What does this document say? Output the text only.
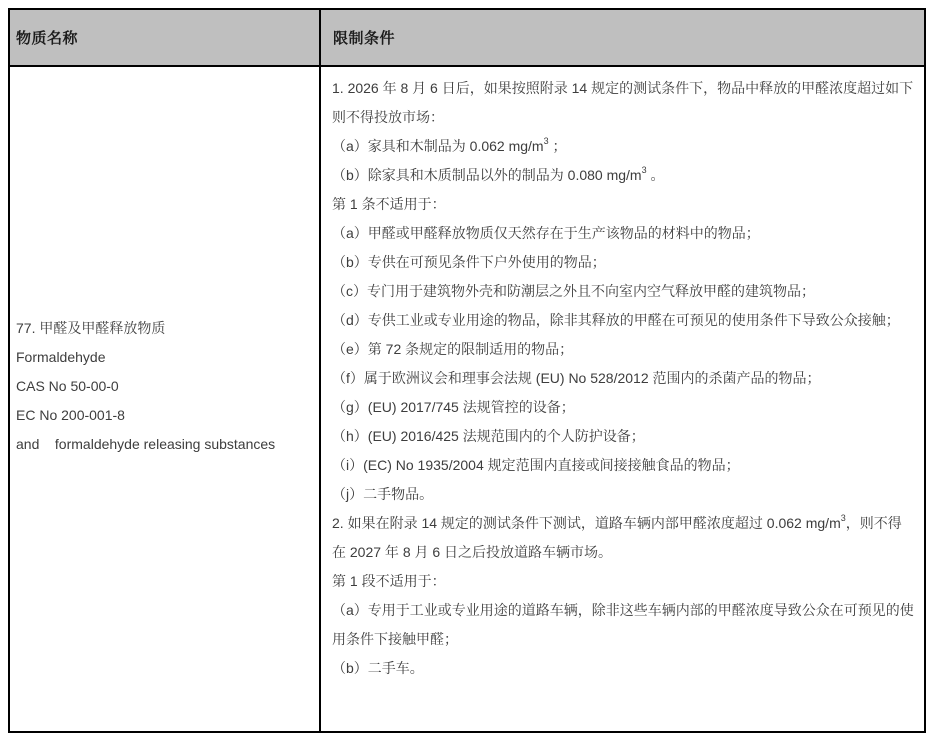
物质名称	限制条件
77. 甲醛及甲醛释放物质
Formaldehyde
CAS No 50-00-0
EC No 200-001-8
and    formaldehyde releasing substances
1. 2026 年 8 月 6 日后，如果按照附录 14 规定的测试条件下，物品中释放的甲醛浓度超过如下
则不得投放市场：
（a）家具和木制品为 0.062 $mg/m^3$ ；
（b）除家具和木质制品以外的制品为 0.080 $mg/m^3$ 。
第 1 条不适用于：
（a）甲醛或甲醛释放物质仅天然存在于生产该物品的材料中的物品；
（b）专供在可预见条件下户外使用的物品；
（c）专门用于建筑物外壳和防潮层之外且不向室内空气释放甲醛的建筑物品；
（d）专供工业或专业用途的物品，除非其释放的甲醛在可预见的使用条件下导致公众接触；
（e）第 72 条规定的限制适用的物品；
（f）属于欧洲议会和理事会法规 (EU) No 528/2012 范围内的杀菌产品的物品；
（g）(EU) 2017/745 法规管控的设备；
（h）(EU) 2016/425 法规范围内的个人防护设备；
（i）(EC) No 1935/2004 规定范围内直接或间接接触食品的物品；
（j）二手物品。
2. 如果在附录 14 规定的测试条件下测试，道路车辆内部甲醛浓度超过 0.062 $mg/m^3$，则不得
在 2027 年 8 月 6 日之后投放道路车辆市场。
第 1 段不适用于：
（a）专用于工业或专业用途的道路车辆，除非这些车辆内部的甲醛浓度导致公众在可预见的使
用条件下接触甲醛；
（b）二手车。
